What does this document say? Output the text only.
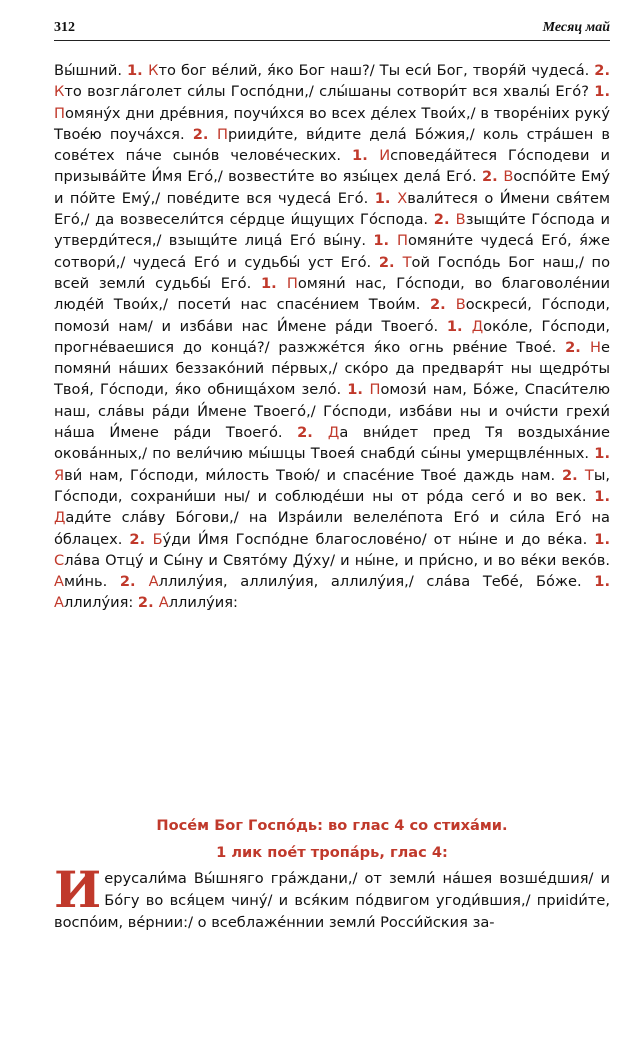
312	Месяц май

Вы́шний. 1. Кто бог ве́лий, я́ко Бог наш?/ Ты еси́ Бог, творя́й чудеса́. 2. Кто возгла́голет си́лы Госпо́дни,/ слы́шаны сотвори́т вся хвалы́ Его́? 1. Помяну́х дни дре́вния, поучи́хся во всех де́лех Твои́х,/ в творе́нiих руку́ Твое́ю поуча́хся. 2. Прииди́те, ви́дите дела́ Бо́жия,/ коль стра́шен в сове́тех па́че сыно́в челове́ческих. 1. Исповеда́йтеся Го́сподеви и призыва́йте И́мя Его́,/ возвести́те во язы́цех дела́ Его́. 2. Воспо́йте Ему́ и по́йте Ему́,/ пове́дите вся чудеса́ Его́. 1. Хвали́теся о И́мени свя́тем Его́,/ да возвесели́тся се́рдце и́щущих Го́спода. 2. Взыщи́те Го́спода и утверди́теся,/ взыщи́те лица́ Его́ вы́ну. 1. Помяни́те чудеса́ Его́, я́же сотвори́,/ чудеса́ Его́ и судьбы́ уст Его́. 2. Той Госпо́дь Бог наш,/ по всей земли́ судьбы́ Его́. 1. Помяни́ нас, Го́споди, во благоволе́нии люде́й Твои́х,/ посети́ нас спасе́нием Твои́м. 2. Воскреси́, Го́споди, помози́ нам/ и изба́ви нас И́мене ра́ди Твоего́. 1. Доко́ле, Го́споди, прогне́ваешися до конца́?/ разжже́тся я́ко огнь рве́ние Твое́. 2. Не помяни́ на́ших беззако́ний пе́рвых,/ ско́ро да предваря́т ны щедро́ты Твоя́, Го́споди, я́ко обнища́хом зело́. 1. Помози́ нам, Бо́же, Спаси́телю наш, сла́вы ра́ди И́мене Твоего́,/ Го́споди, изба́ви ны и очи́сти грехи́ на́ша И́мене ра́ди Твоего́. 2. Да вни́дет пред Тя воздыха́ние окова́нных,/ по вели́чию мы́шцы Твоея́ снабди́ сы́ны умерщвле́нных. 1. Яви́ нам, Го́споди, ми́лость Твою́/ и спасе́ние Твое́ даждь нам. 2. Ты, Го́споди, сохрани́ши ны/ и соблюде́ши ны от ро́да сего́ и во век. 1. Дади́те сла́ву Бо́гови,/ на Изра́или велеле́пота Его́ и си́ла Его́ на о́блацех. 2. Бу́ди И́мя Госпо́дне благослове́но/ от ны́не и до ве́ка. 1. Сла́ва Отцу́ и Сы́ну и Свято́му Ду́ху/ и ны́не, и при́сно, и во ве́ки веко́в. Ами́нь. 2. Аллилу́ия, аллилу́ия, аллилу́ия,/ сла́ва Тебе́, Бо́же. 1. Аллилу́ия: 2. Аллилу́ия:

Посе́м Бог Госпо́дь: во глас 4 со стиха́ми.
1 лик пое́т тропа́рь, глас 4:
И ерусали́ма Вы́шняго гра́ждани,/ от земли́ на́шея возше́дшия/ и Бо́гу во вся́цем чину́/ и вся́ким по́двигом угоди́вшия,/ приidи́те, воспо́им, ве́рнии:/ о всеблаже́ннии земли́ Росси́йския за-
